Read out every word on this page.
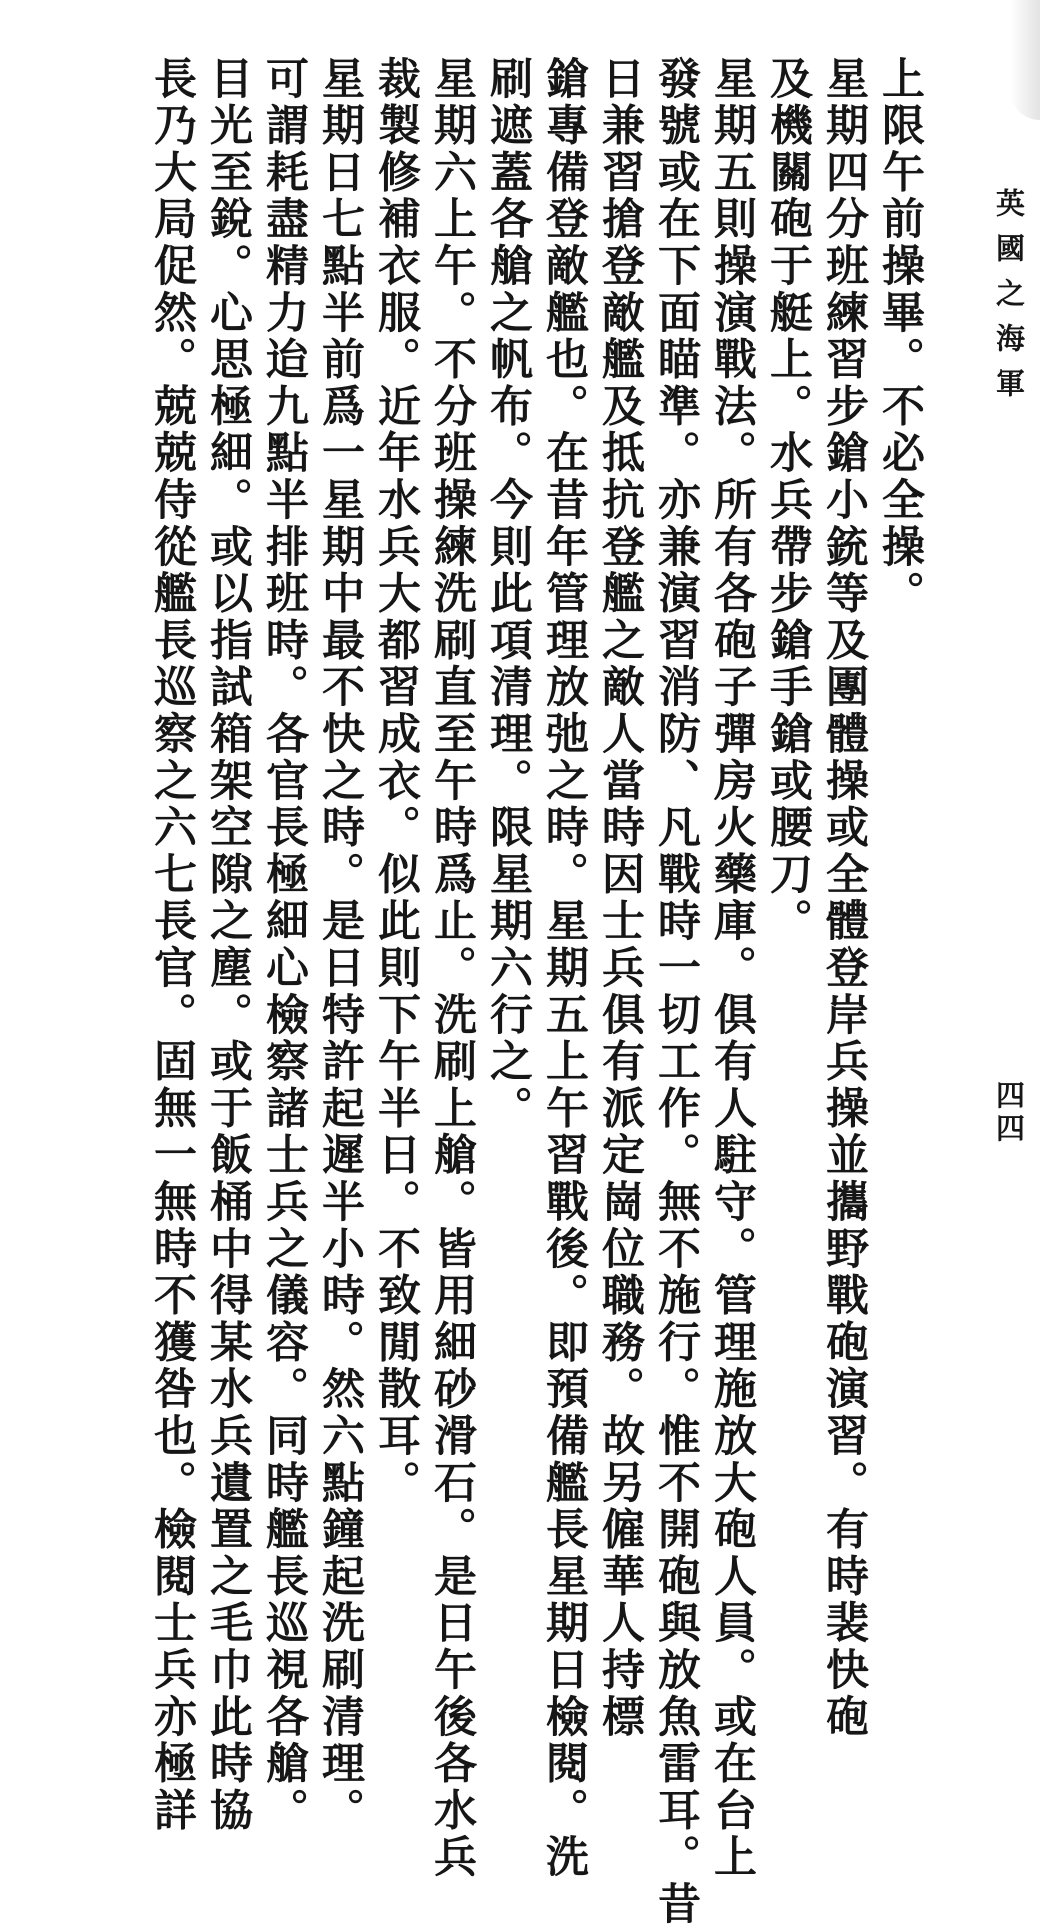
英國之海軍
四四
上限午前操畢。不必全操。
星期四分班練習步鎗小銃等及團體操或全體登岸兵操並攜野戰砲演習。有時裴快砲
及機關砲于艇上。水兵帶步鎗手鎗或腰刀。
星期五則操演戰法。所有各砲子彈房火藥庫。俱有人駐守。管理施放大砲人員。或在台上
發號或在下面瞄準。亦兼演習消防、凡戰時一切工作。無不施行。惟不開砲與放魚雷耳。昔
日兼習搶登敵艦及抵抗登艦之敵人當時因士兵俱有派定崗位職務。故另僱華人持標
鎗專備登敵艦也。在昔年管理放弛之時。星期五上午習戰後。即預備艦長星期日檢閱。洗
刷遮蓋各艙之帆布。今則此項清理。限星期六行之。
星期六上午。不分班操練洗刷直至午時爲止。洗刷上艙。皆用細砂滑石。是日午後各水兵
裁製修補衣服。近年水兵大都習成衣。似此則下午半日。不致閒散耳。
星期日七點半前爲一星期中最不快之時。是日特許起遲半小時。然六點鐘起洗刷清理。
可謂耗盡精力迨九點半排班時。各官長極細心檢察諸士兵之儀容。同時艦長巡視各艙。
目光至銳。心思極細。或以指試箱架空隙之塵。或于飯桶中得某水兵遺置之毛巾此時協
長乃大局促然。兢兢侍從艦長巡察之六七長官。固無一無時不獲咎也。檢閱士兵亦極詳
